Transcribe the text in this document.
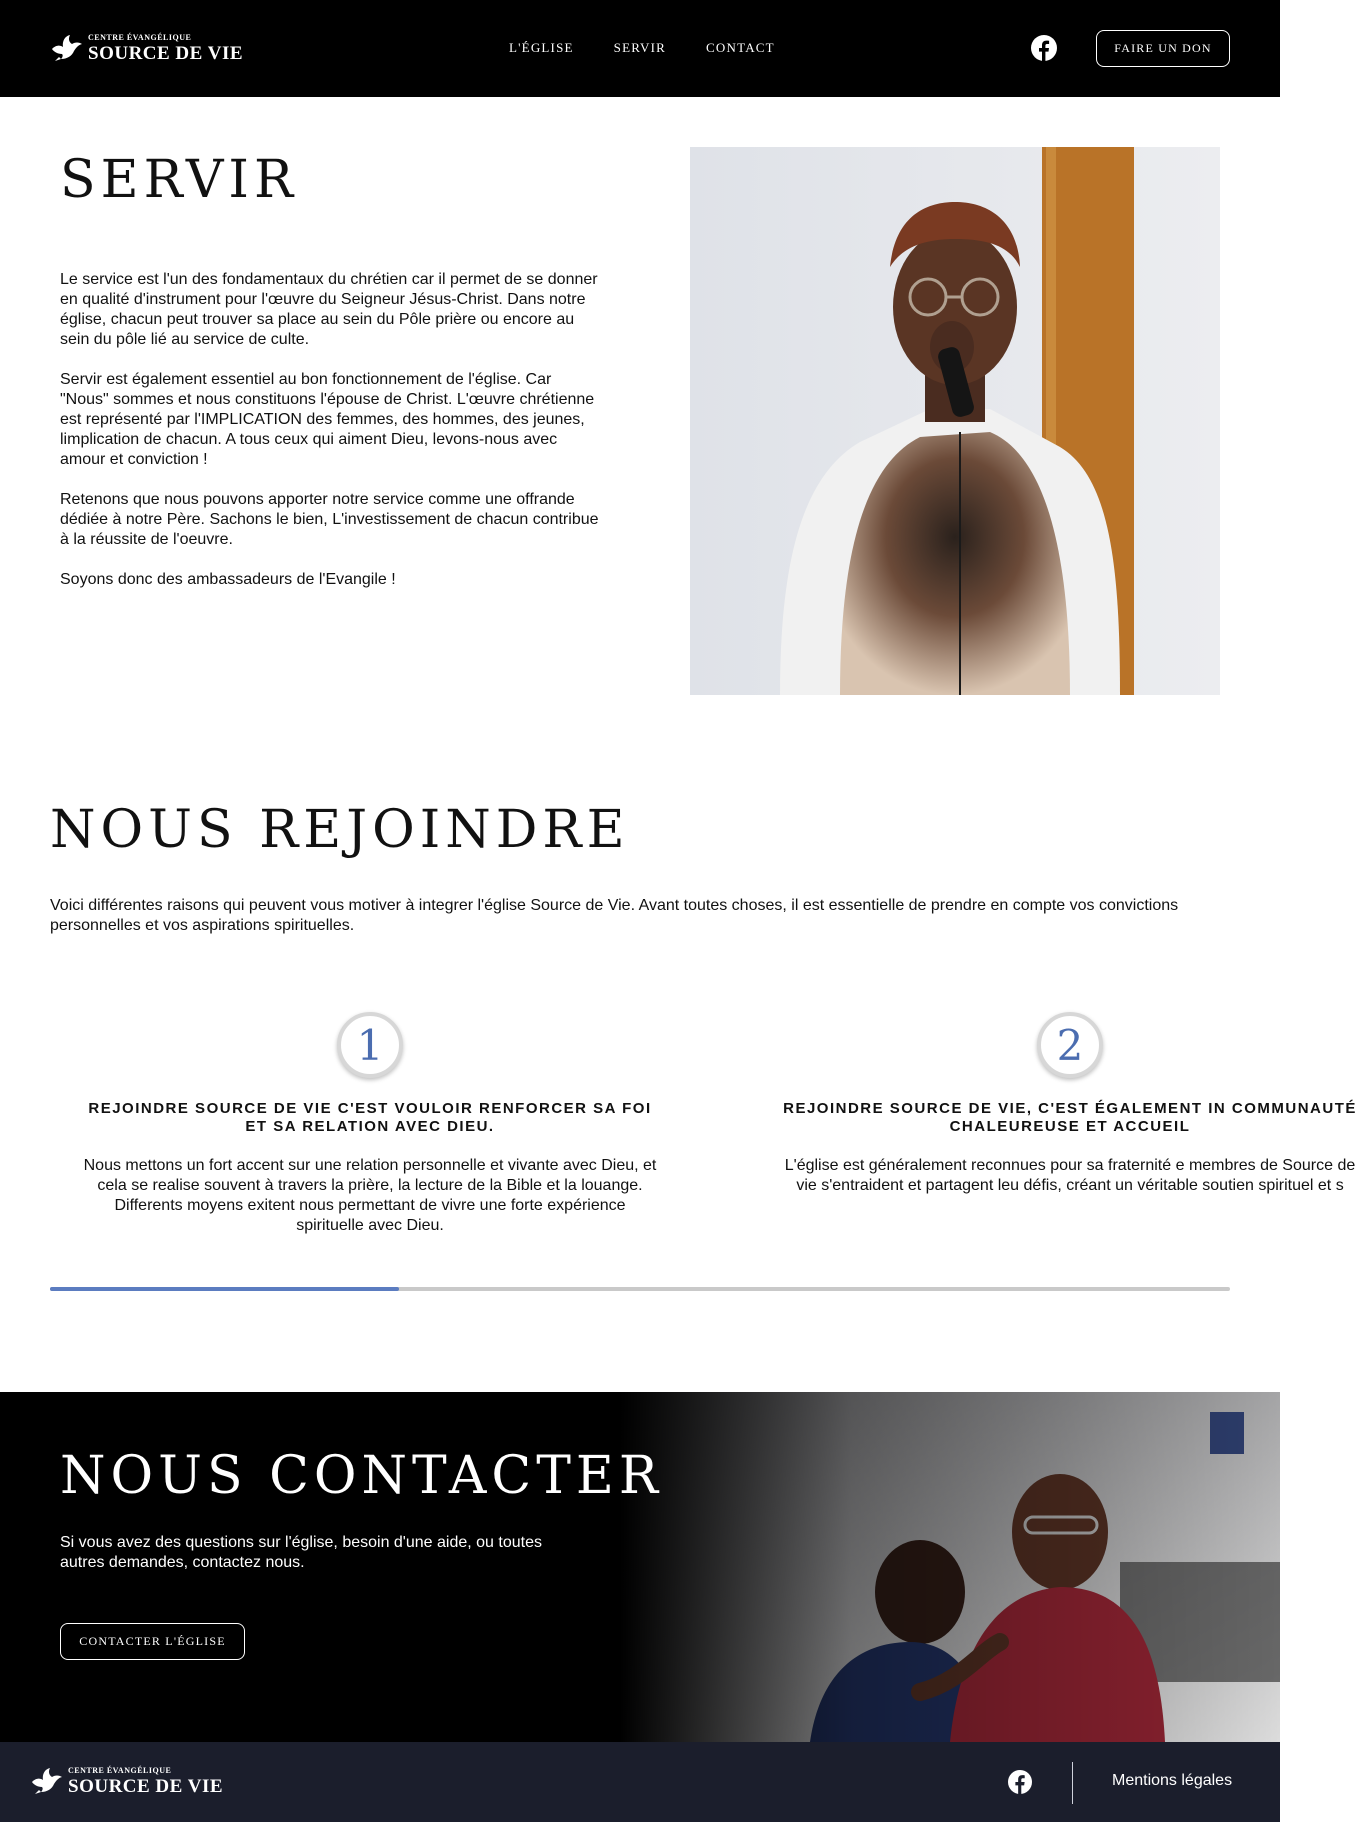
CENTRE ÉVANGÉLIQUE
SOURCE DE VIE	L'ÉGLISE	SERVIR	CONTACT	FAIRE UN DON
SERVIR

Le service est l'un des fondamentaux du chrétien car il permet de se donner en qualité d'instrument pour l'œuvre du Seigneur Jésus-Christ. Dans notre église, chacun peut trouver sa place au sein du Pôle prière ou encore au sein du pôle lié au service de culte.

Servir est également essentiel au bon fonctionnement de l'église. Car "Nous" sommes et nous constituons l'épouse de Christ. L'œuvre chrétienne est représenté par l'IMPLICATION des femmes, des hommes, des jeunes, limplication de chacun. A tous ceux qui aiment Dieu, levons-nous avec amour et conviction !

Retenons que nous pouvons apporter notre service comme une offrande dédiée à notre Père. Sachons le bien, L'investissement de chacun contribue à la réussite de l'oeuvre.

Soyons donc des ambassadeurs de l'Evangile !

NOUS REJOINDRE

Voici différentes raisons qui peuvent vous motiver à integrer l'église Source de Vie. Avant toutes choses, il est essentielle de prendre en compte vos convictions personnelles et vos aspirations spirituelles.

1
REJOINDRE SOURCE DE VIE C'EST VOULOIR RENFORCER SA FOI ET SA RELATION AVEC DIEU.
Nous mettons un fort accent sur une relation personnelle et vivante avec Dieu, et cela se realise souvent à travers la prière, la lecture de la Bible et la louange. Differents moyens exitent nous permettant de vivre une forte expérience spirituelle avec Dieu.
2
REJOINDRE SOURCE DE VIE, C'EST ÉGALEMENT IN COMMUNAUTÉ CHALEUREUSE ET ACCUEIL
L'église est généralement reconnues pour sa fraternité e membres de Source de vie s'entraident et partagent leu défis, créant un véritable soutien spirituel et s
NOUS CONTACTER

Si vous avez des questions sur l'église, besoin d'une aide, ou toutes autres demandes, contactez nous.

CONTACTER L'ÉGLISE
CENTRE ÉVANGÉLIQUE
SOURCE DE VIE	Mentions légales
